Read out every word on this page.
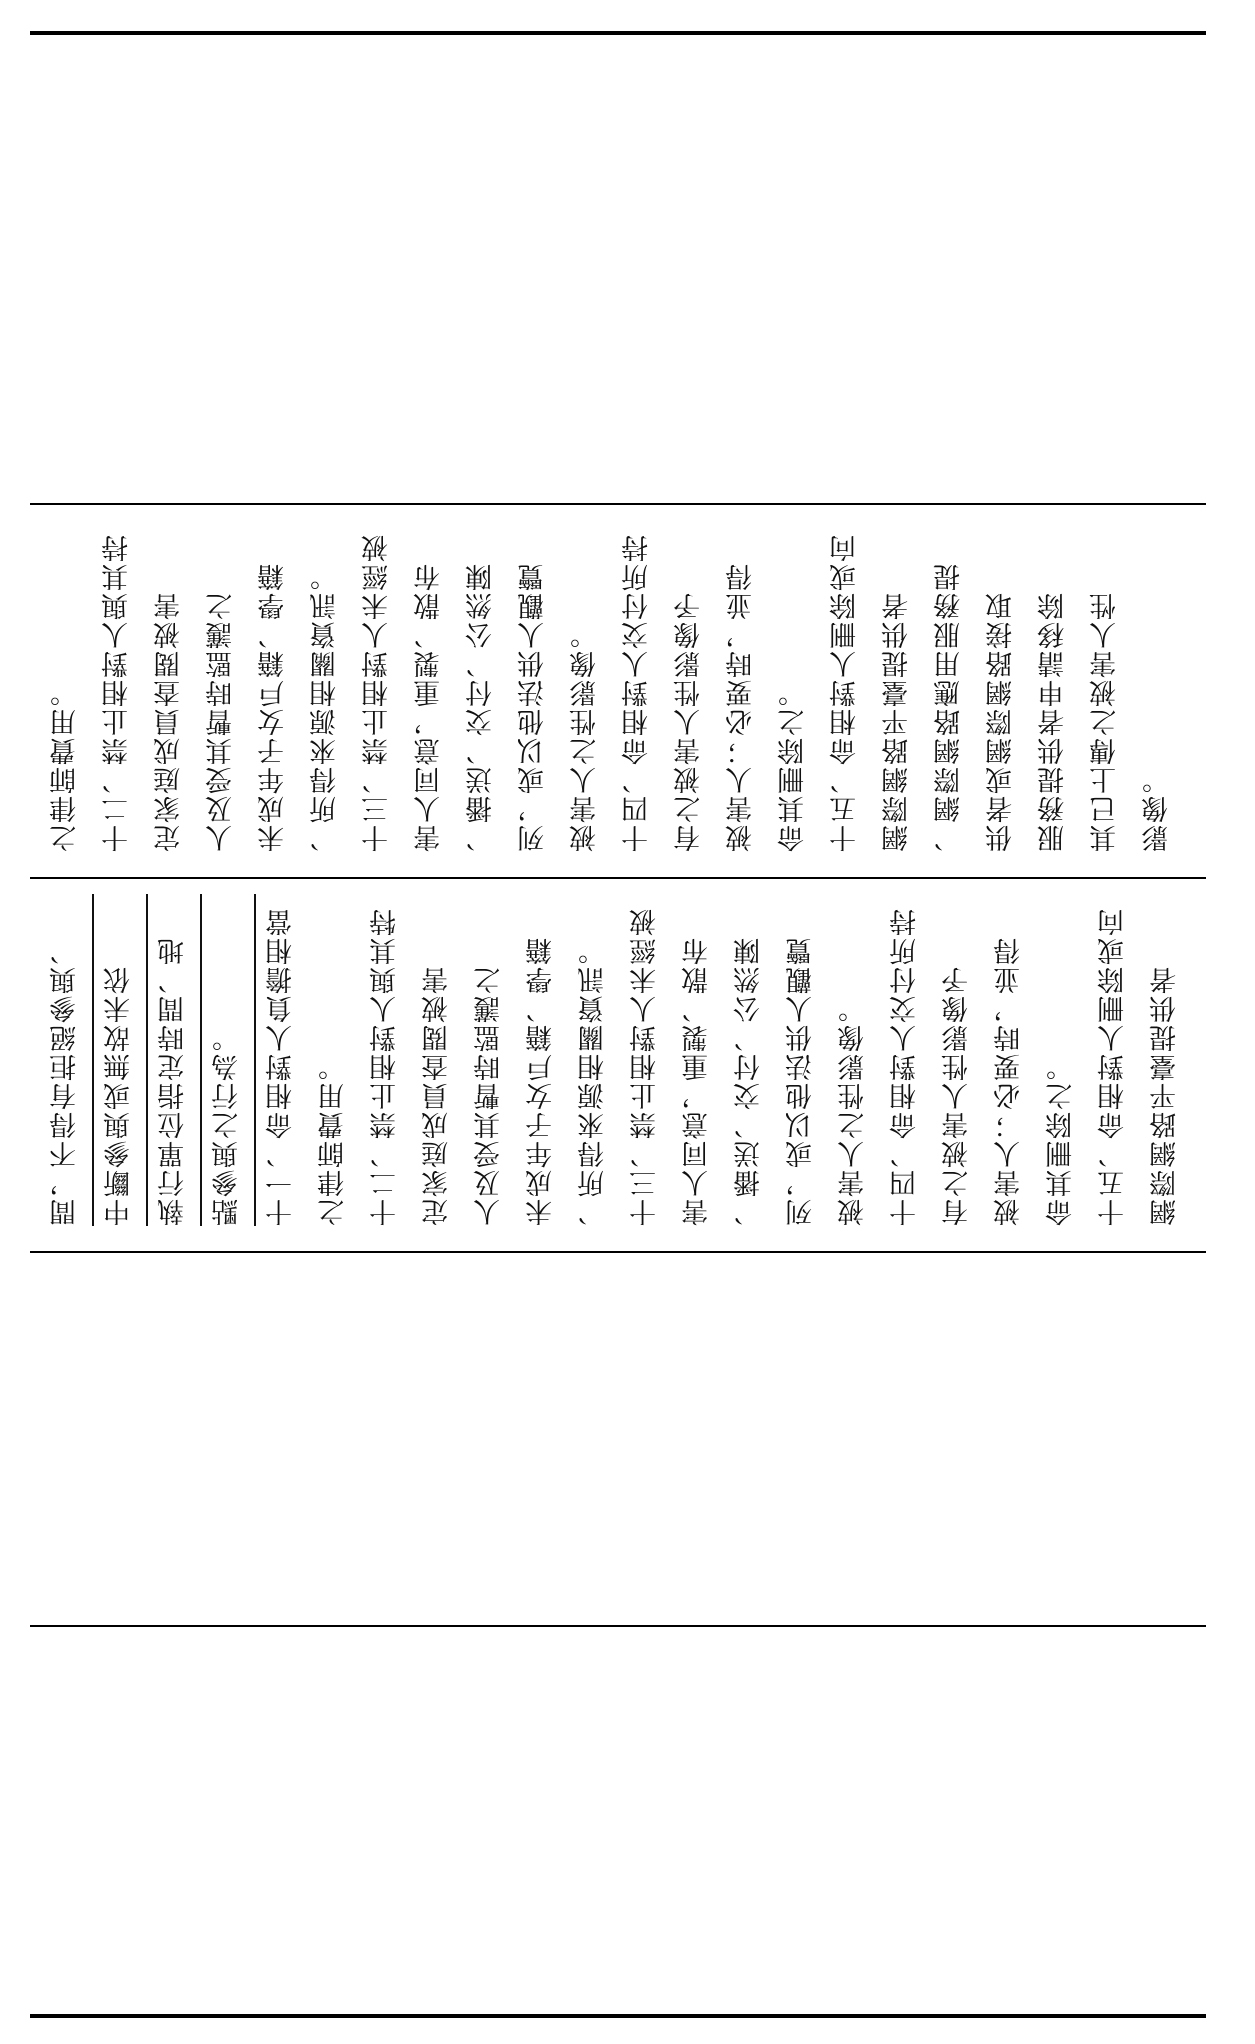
之律師費用。 十二、禁止相對人與其持 定家庭成員查閱被害 人及受其暫時監護之 未成年子女戶籍、學籍 、所得來源相關資訊。 十三、禁止相對人未經被 害人同意，重製、散布 、播送、交付、公然陳 列，或以他法供人觀覽 被害人之性影像。 十四、命相對人交付所持 有之被害人性影像予 被害人；必要時，並得 命其刪除之。 十五、命相對人刪除或向 網際網路平臺提供者 、網際網路應用服務提 供者或網際網路接取 服務提供者申請移除 其已上傳之被害人性 影像。
間，不得有拒絕參與、 中斷參與或無故未依 執行單位指定時間、地 點參與之行為。 十一、命相對人負擔相當 之律師費用。 十二、禁止相對人與其特 定家庭成員查閱被害 人及受其暫時監護之 未成年子女戶籍、學籍 、所得來源相關資訊。 十三、禁止相對人未經被 害人同意，重製、散布 、播送、交付、公然陳 列，或以他法供人觀覽 被害人之性影像。 十四、命相對人交付所持 有之被害人性影像予 被害人；必要時，並得 命其刪除之。 十五、命相對人刪除或向 網際網路平臺提供者
